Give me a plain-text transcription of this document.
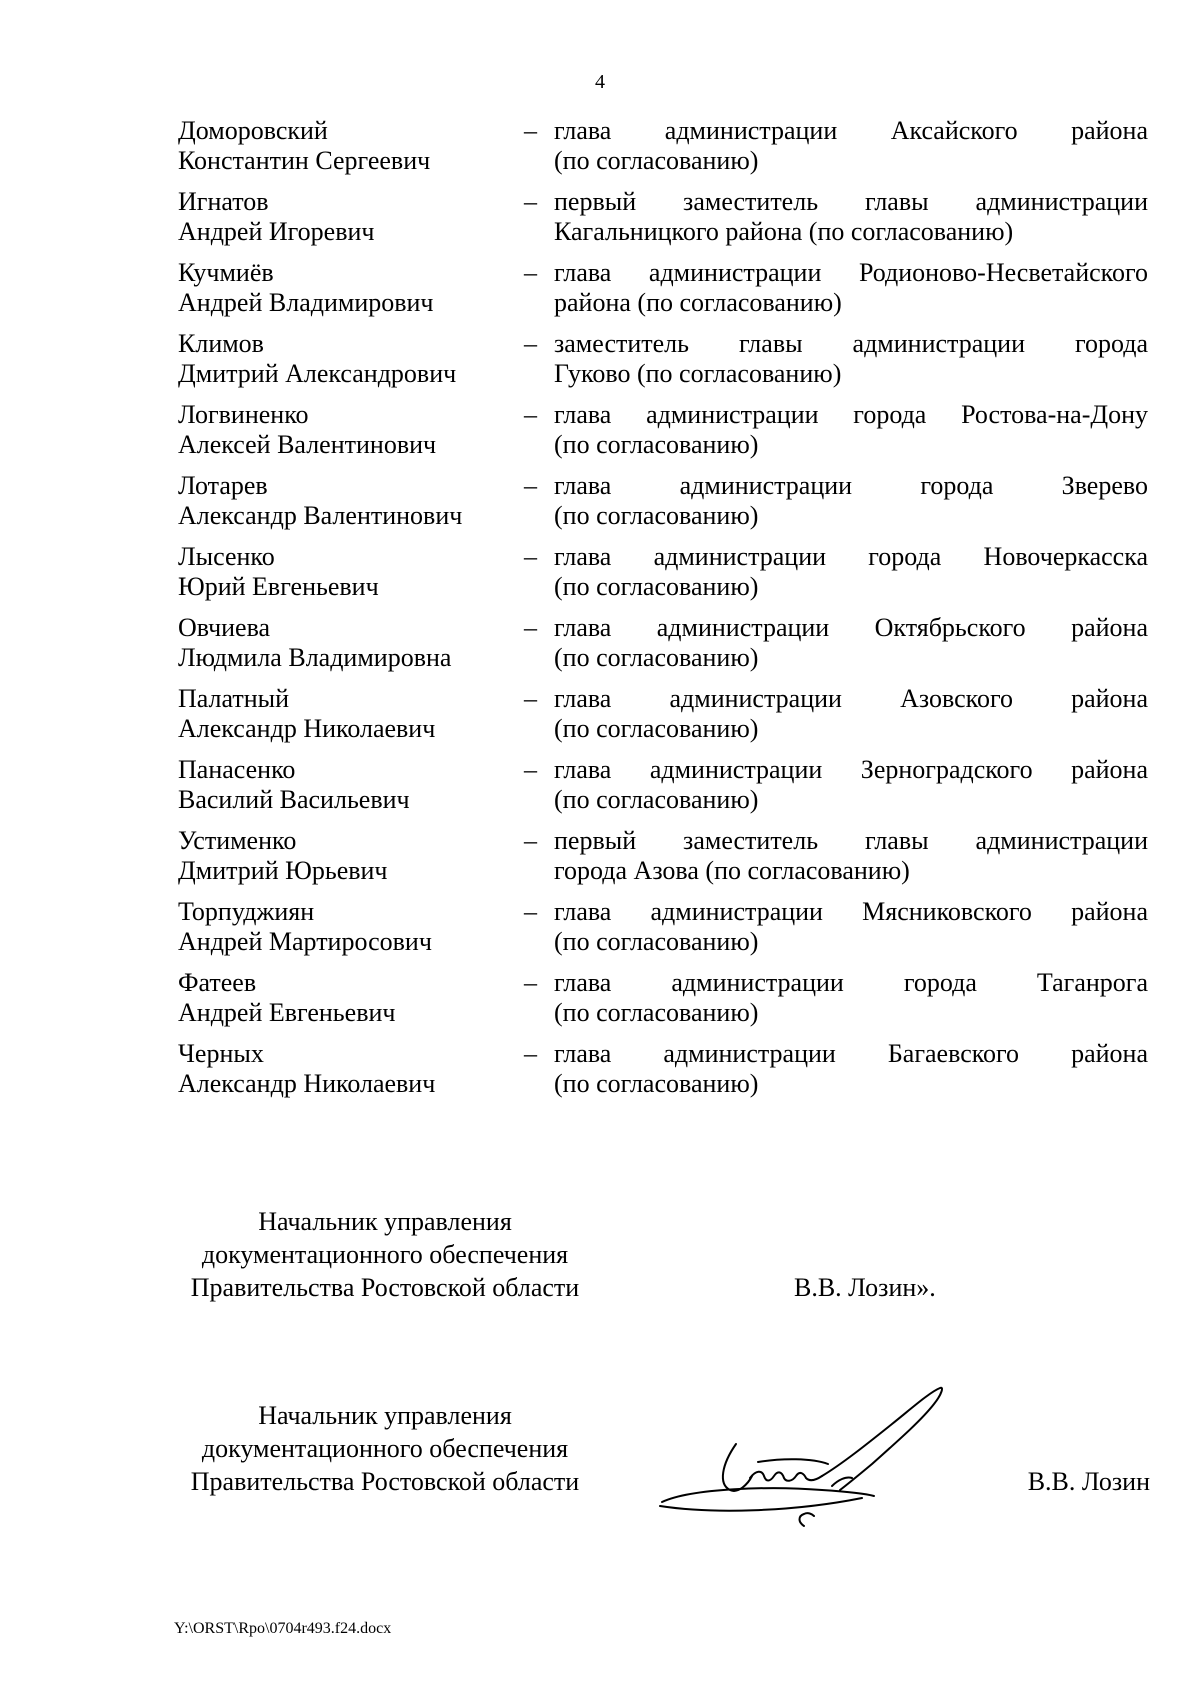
4
Доморовский
Константин Сергеевич
– глава администрации Аксайского района
(по согласованию)
Игнатов
Андрей Игоревич
– первый заместитель главы администрации
Кагальницкого района (по согласованию)
Кучмиёв
Андрей Владимирович
– глава администрации Родионово-Несветайского
района (по согласованию)
Климов
Дмитрий Александрович
– заместитель главы администрации города
Гуково (по согласованию)
Логвиненко
Алексей Валентинович
– глава администрации города Ростова-на-Дону
(по согласованию)
Лотарев
Александр Валентинович
– глава администрации города Зверево
(по согласованию)
Лысенко
Юрий Евгеньевич
– глава администрации города Новочеркасска
(по согласованию)
Овчиева
Людмила Владимировна
– глава администрации Октябрьского района
(по согласованию)
Палатный
Александр Николаевич
– глава администрации Азовского района
(по согласованию)
Панасенко
Василий Васильевич
– глава администрации Зерноградского района
(по согласованию)
Устименко
Дмитрий Юрьевич
– первый заместитель главы администрации
города Азова (по согласованию)
Торпуджиян
Андрей Мартиросович
– глава администрации Мясниковского района
(по согласованию)
Фатеев
Андрей Евгеньевич
– глава администрации города Таганрога
(по согласованию)
Черных
Александр Николаевич
– глава администрации Багаевского района
(по согласованию)
Начальник управления
документационного обеспечения
Правительства Ростовской области	В.В. Лозин».
Начальник управления
документационного обеспечения
Правительства Ростовской области	В.В. Лозин
Y:\ORST\Rpo\0704r493.f24.docx
